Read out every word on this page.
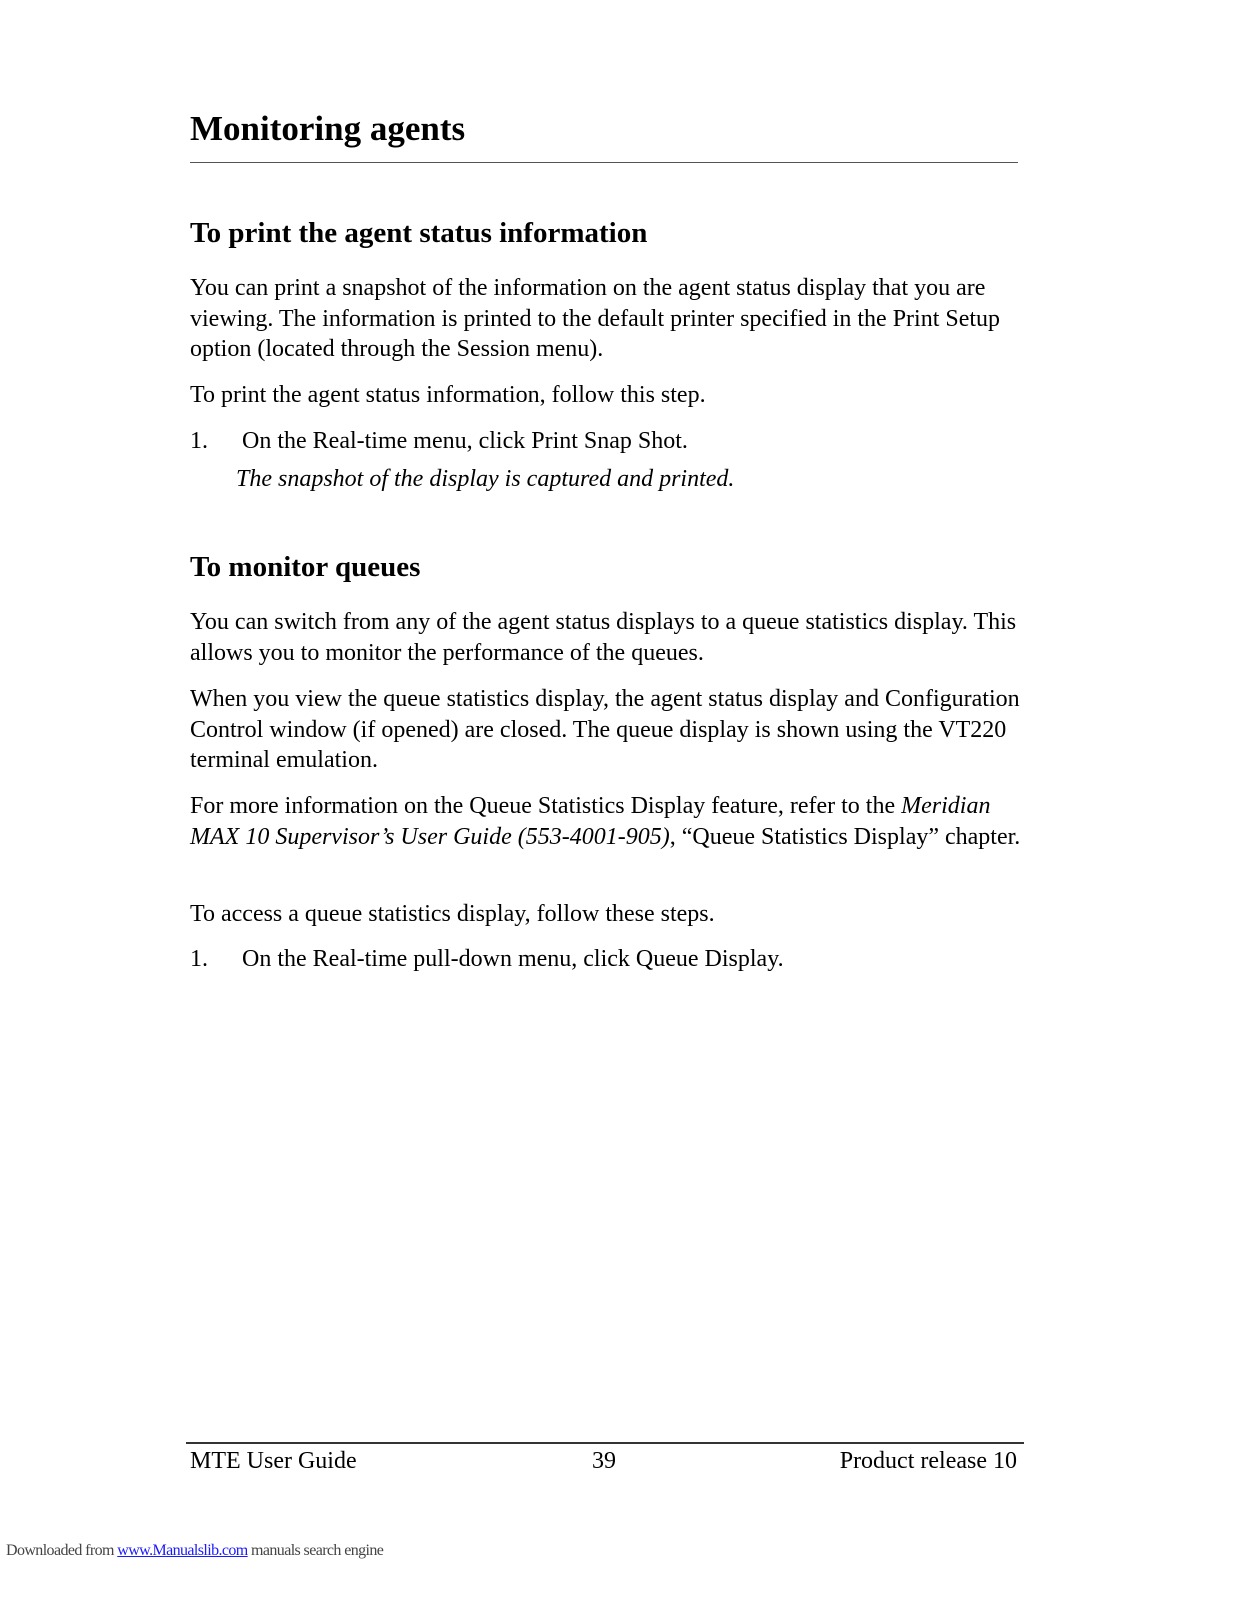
Monitoring agents
To print the agent status information

You can print a snapshot of the information on the agent status display that you are viewing. The information is printed to the default printer specified in the Print Setup option (located through the Session menu).

To print the agent status information, follow this step.

1. On the Real-time menu, click Print Snap Shot.

The snapshot of the display is captured and printed.

To monitor queues

You can switch from any of the agent status displays to a queue statistics display. This allows you to monitor the performance of the queues.

When you view the queue statistics display, the agent status display and Configuration Control window (if opened) are closed. The queue display is shown using the VT220 terminal emulation.

For more information on the Queue Statistics Display feature, refer to the Meridian MAX 10 Supervisor’s User Guide (553-4001-905), “Queue Statistics Display” chapter.

To access a queue statistics display, follow these steps.

1. On the Real-time pull-down menu, click Queue Display.

MTE User Guide	39	Product release 10

Downloaded from www.Manualslib.com manuals search engine
